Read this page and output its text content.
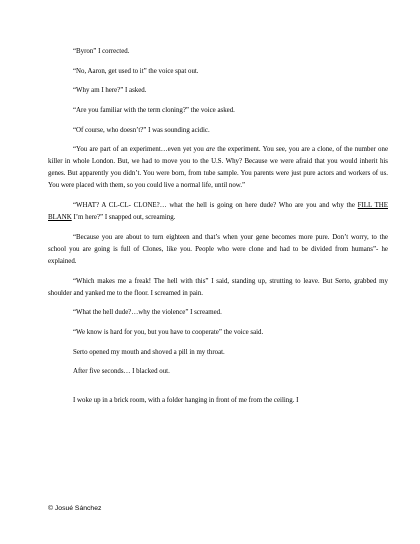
“Byron” I corrected.

“No, Aaron, get used to it” the voice spat out.

“Why am I here?” I asked.

“Are you familiar with the term cloning?” the voice asked.

“Of course, who doesn’t?” I was sounding acidic.

“You are part of an experiment…even yet you are the experiment. You see, you are a clone, of the number one killer in whole London. But, we had to move you to the U.S. Why? Because we were afraid that you would inherit his genes. But apparently you didn’t. You were born, from tube sample. You parents were just pure actors and workers of us. You were placed with them, so you could live a normal life, until now.”

“WHAT? A CL-CL- CLONE?… what the hell is going on here dude? Who are you and why the FILL THE BLANK I’m here?” I snapped out, screaming.

“Because you are about to turn eighteen and that’s when your gene becomes more pure. Don’t worry, to the school you are going is full of Clones, like you. People who were clone and had to be divided from humans”- he explained.

“Which makes me a freak! The hell with this” I said, standing up, strutting to leave. But Serto, grabbed my shoulder and yanked me to the floor. I screamed in pain.

“What the hell dude?…why the violence” I screamed.

“We know is hard for you, but you have to cooperate” the voice said.

Serto opened my mouth and shoved a pill in my throat.

After five seconds… I blacked out.

I woke up in a brick room, with a folder hanging in front of me from the ceiling. I

© Josué Sánchez
